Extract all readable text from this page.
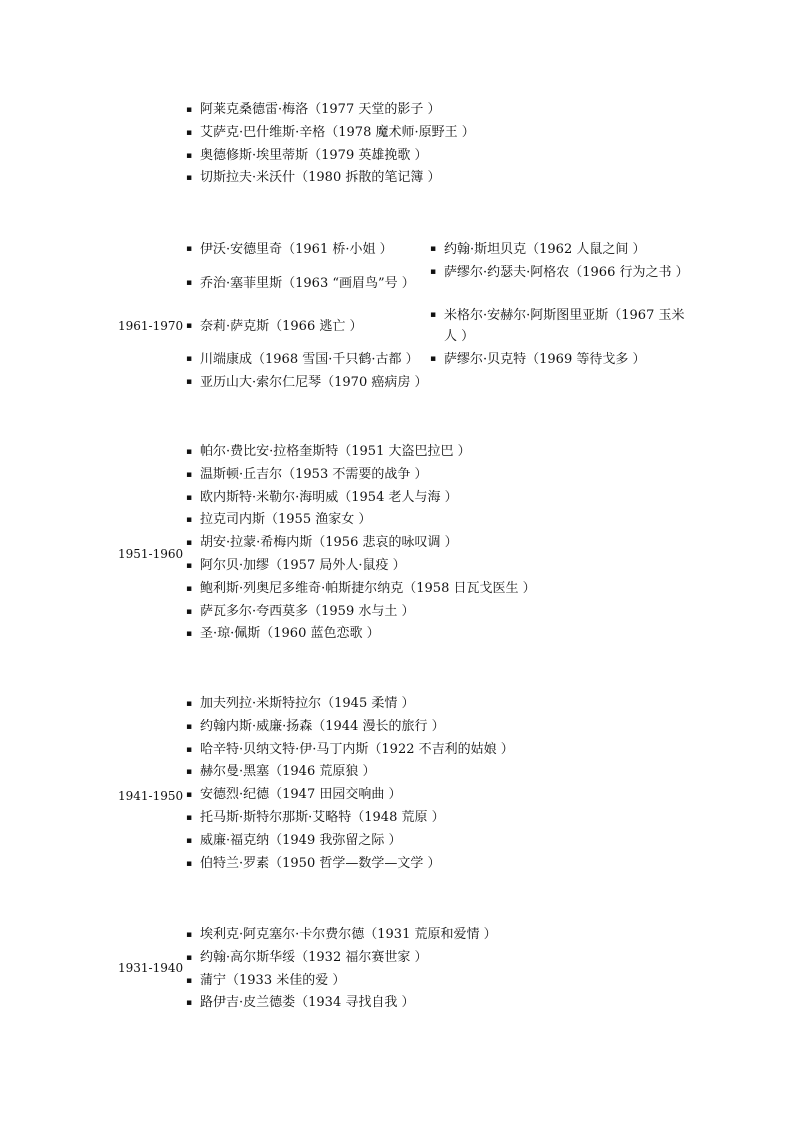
▪ 阿莱克桑德雷·梅洛（1977 天堂的影子 ）
▪ 艾萨克·巴什维斯·辛格（1978 魔术师·原野王 ）
▪ 奥德修斯·埃里蒂斯（1979 英雄挽歌 ）
▪ 切斯拉夫·米沃什（1980 拆散的笔记簿 ）
1961-1970
▪ 伊沃·安德里奇（1961 桥·小姐 ）
▪ 乔治·塞菲里斯（1963 “画眉鸟”号 ）
▪ 奈莉·萨克斯（1966 逃亡 ）
▪ 川端康成（1968 雪国·千只鹤·古都 ）
▪ 亚历山大·索尔仁尼琴（1970 癌病房 ）
▪ 约翰·斯坦贝克（1962 人鼠之间 ）
▪ 萨缪尔·约瑟夫·阿格农（1966 行为之书 ）
▪ 米格尔·安赫尔·阿斯图里亚斯（1967 玉米人 ）
▪ 萨缪尔·贝克特（1969 等待戈多 ）
1951-1960
▪ 帕尔·费比安·拉格奎斯特（1951 大盗巴拉巴 ）
▪ 温斯顿·丘吉尔（1953 不需要的战争 ）
▪ 欧内斯特·米勒尔·海明威（1954 老人与海 ）
▪ 拉克司内斯（1955 渔家女 ）
▪ 胡安·拉蒙·希梅内斯（1956 悲哀的咏叹调 ）
▪ 阿尔贝·加缪（1957 局外人·鼠疫 ）
▪ 鲍利斯·列奥尼多维奇·帕斯捷尔纳克（1958 日瓦戈医生 ）
▪ 萨瓦多尔·夸西莫多（1959 水与土 ）
▪ 圣·琼·佩斯（1960 蓝色恋歌 ）
1941-1950
▪ 加夫列拉·米斯特拉尔（1945 柔情 ）
▪ 约翰内斯·威廉·扬森（1944 漫长的旅行 ）
▪ 哈辛特·贝纳文特·伊·马丁内斯（1922 不吉利的姑娘 ）
▪ 赫尔曼·黑塞（1946 荒原狼 ）
▪ 安德烈·纪德（1947 田园交响曲 ）
▪ 托马斯·斯特尔那斯·艾略特（1948 荒原 ）
▪ 威廉·福克纳（1949 我弥留之际 ）
▪ 伯特兰·罗素（1950 哲学—数学—文学 ）
1931-1940
▪ 埃利克·阿克塞尔·卡尔费尔德（1931 荒原和爱情 ）
▪ 约翰·高尔斯华绥（1932 福尔赛世家 ）
▪ 蒲宁（1933 米佳的爱 ）
▪ 路伊吉·皮兰德娄（1934 寻找自我 ）
